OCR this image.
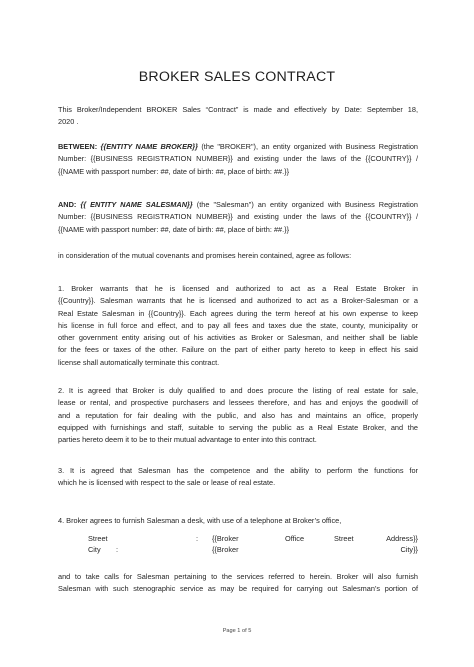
BROKER SALES CONTRACT
This Broker/Independent BROKER Sales “Contract” is made and effectively by Date: September 18,
2020 .
BETWEEN: {{ENTITY NAME BROKER}} (the "BROKER"), an entity organized with Business Registration
Number: {{BUSINESS REGISTRATION NUMBER}} and existing under the laws of the {{COUNTRY}} /
{{NAME with passport number: ##, date of birth: ##, place of birth: ##.}}
AND: {{ ENTITY NAME SALESMAN}} (the "Salesman") an entity organized with Business Registration
Number: {{BUSINESS REGISTRATION NUMBER}} and existing under the laws of the {{COUNTRY}} /
{{NAME with passport number: ##, date of birth: ##, place of birth: ##.}}
in consideration of the mutual covenants and promises herein contained, agree as follows:
1. Broker warrants that he is licensed and authorized to act as a Real Estate Broker in
{{Country}}. Salesman warrants that he is licensed and authorized to act as a Broker-Salesman or a
Real Estate Salesman in {{Country}}. Each agrees during the term hereof at his own expense to keep
his license in full force and effect, and to pay all fees and taxes due the state, county, municipality or
other government entity arising out of his activities as Broker or Salesman, and neither shall be liable
for the fees or taxes of the other. Failure on the part of either party hereto to keep in effect his said
license shall automatically terminate this contract.
2. It is agreed that Broker is duly qualified to and does procure the listing of real estate for sale,
lease or rental, and prospective purchasers and lessees therefore, and has and enjoys the goodwill of
and a reputation for fair dealing with the public, and also has and maintains an office, properly
equipped with furnishings and staff, suitable to serving the public as a Real Estate Broker, and the
parties hereto deem it to be to their mutual advantage to enter into this contract.
3. It is agreed that Salesman has the competence and the ability to perform the functions for
which he is licensed with respect to the sale or lease of real estate.
4. Broker agrees to furnish Salesman a desk, with use of a telephone at Broker’s office,
Street	: {{Broker	Office	Street	Address}}
City :	{{Broker	City}}
and to take calls for Salesman pertaining to the services referred to herein. Broker will also furnish
Salesman with such stenographic service as may be required for carrying out Salesman’s portion of
Page 1 of 5
